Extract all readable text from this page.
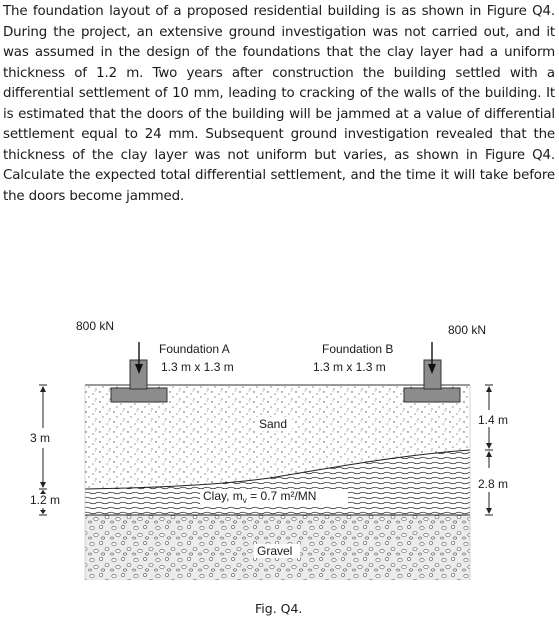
The foundation layout of a proposed residential building is as shown in Figure Q4. During the project, an extensive ground investigation was not carried out, and it was assumed in the design of the foundations that the clay layer had a uniform thickness of 1.2 m. Two years after construction the building settled with a differential settlement of 10 mm, leading to cracking of the walls of the building. It is estimated that the doors of the building will be jammed at a value of differential settlement equal to 24 mm. Subsequent ground investigation revealed that the thickness of the clay layer was not uniform but varies, as shown in Figure Q4. Calculate the expected total differential settlement, and the time it will take before the doors become jammed.
800 kN	800 kN
Foundation A
1.3 m x 1.3 m
Foundation B
1.3 m x 1.3 m
Sand
Clay, $m_v = 0.7$ m²/MN
Gravel
3 m
1.2 m
1.4 m
2.8 m
Fig. Q4.
